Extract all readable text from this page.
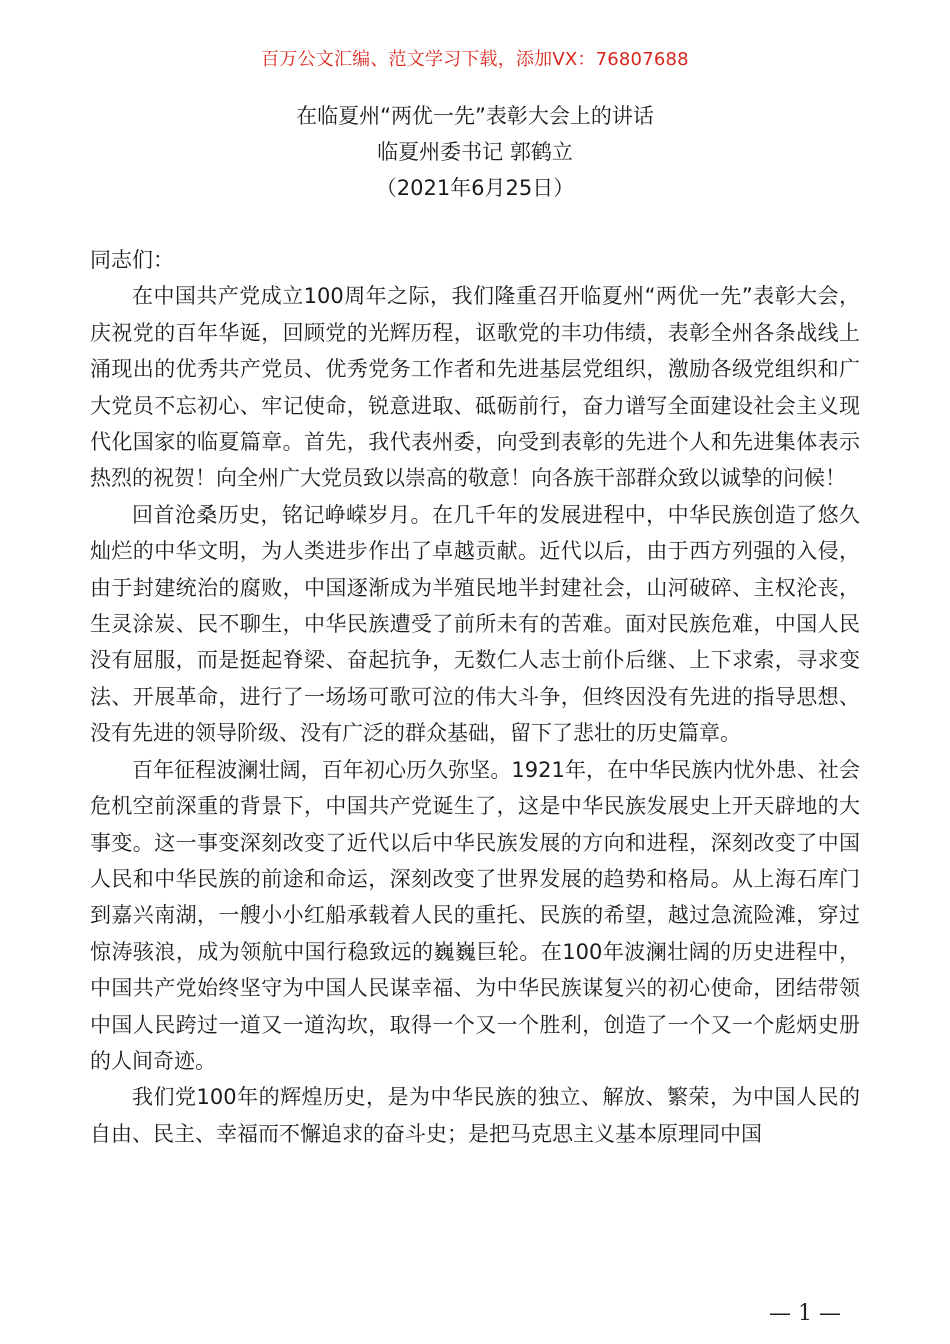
百万公文汇编、范文学习下载，添加VX：76807688
在临夏州“两优一先”表彰大会上的讲话
临夏州委书记 郭鹤立
（2021年6月25日）

同志们：

在中国共产党成立100周年之际，我们隆重召开临夏州“两优一先”表彰大会，庆祝党的百年华诞，回顾党的光辉历程，讴歌党的丰功伟绩，表彰全州各条战线上涌现出的优秀共产党员、优秀党务工作者和先进基层党组织，激励各级党组织和广大党员不忘初心、牢记使命，锐意进取、砥砺前行，奋力谱写全面建设社会主义现代化国家的临夏篇章。首先，我代表州委，向受到表彰的先进个人和先进集体表示热烈的祝贺！向全州广大党员致以崇高的敬意！向各族干部群众致以诚挚的问候！

回首沧桑历史，铭记峥嵘岁月。在几千年的发展进程中，中华民族创造了悠久灿烂的中华文明，为人类进步作出了卓越贡献。近代以后，由于西方列强的入侵，由于封建统治的腐败，中国逐渐成为半殖民地半封建社会，山河破碎、主权沦丧，生灵涂炭、民不聊生，中华民族遭受了前所未有的苦难。面对民族危难，中国人民没有屈服，而是挺起脊梁、奋起抗争，无数仁人志士前仆后继、上下求索，寻求变法、开展革命，进行了一场场可歌可泣的伟大斗争，但终因没有先进的指导思想、没有先进的领导阶级、没有广泛的群众基础，留下了悲壮的历史篇章。

百年征程波澜壮阔，百年初心历久弥坚。1921年，在中华民族内忧外患、社会危机空前深重的背景下，中国共产党诞生了，这是中华民族发展史上开天辟地的大事变。这一事变深刻改变了近代以后中华民族发展的方向和进程，深刻改变了中国人民和中华民族的前途和命运，深刻改变了世界发展的趋势和格局。从上海石库门到嘉兴南湖，一艘小小红船承载着人民的重托、民族的希望，越过急流险滩，穿过惊涛骇浪，成为领航中国行稳致远的巍巍巨轮。在100年波澜壮阔的历史进程中，中国共产党始终坚守为中国人民谋幸福、为中华民族谋复兴的初心使命，团结带领中国人民跨过一道又一道沟坎，取得一个又一个胜利，创造了一个又一个彪炳史册的人间奇迹。

我们党100年的辉煌历史，是为中华民族的独立、解放、繁荣，为中国人民的自由、民主、幸福而不懈追求的奋斗史；是把马克思主义基本原理同中国

— 1 —
